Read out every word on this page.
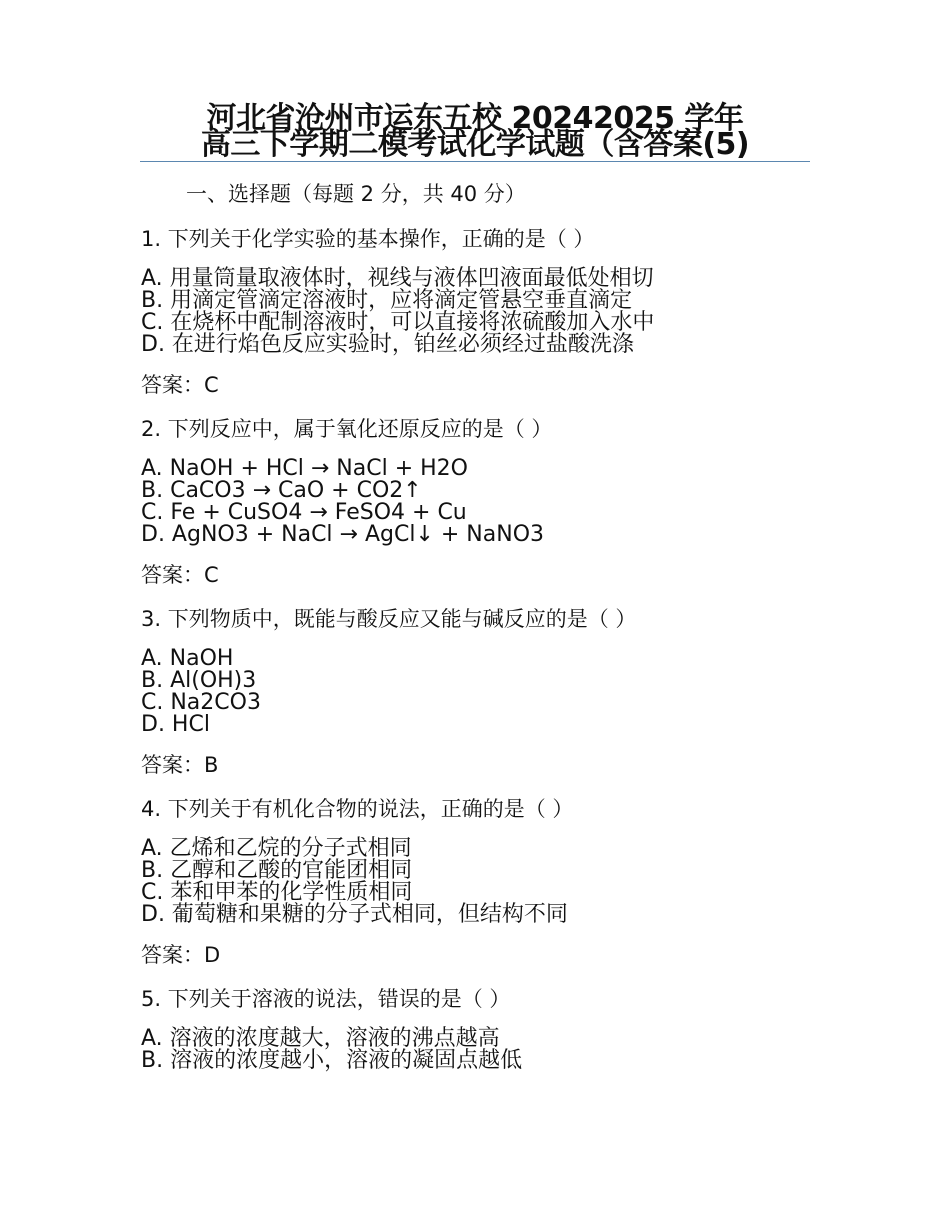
河北省沧州市运东五校 20242025 学年
高三下学期二模考试化学试题（含答案(5)
一、选择题（每题 2 分，共 40 分）
1. 下列关于化学实验的基本操作，正确的是（ ）
A. 用量筒量取液体时，视线与液体凹液面最低处相切
B. 用滴定管滴定溶液时，应将滴定管悬空垂直滴定
C. 在烧杯中配制溶液时，可以直接将浓硫酸加入水中
D. 在进行焰色反应实验时，铂丝必须经过盐酸洗涤
答案：C
2. 下列反应中，属于氧化还原反应的是（ ）
A. NaOH + HCl → NaCl + H2O
B. CaCO3 → CaO + CO2↑
C. Fe + CuSO4 → FeSO4 + Cu
D. AgNO3 + NaCl → AgCl↓ + NaNO3
答案：C
3. 下列物质中，既能与酸反应又能与碱反应的是（ ）
A. NaOH
B. Al(OH)3
C. Na2CO3
D. HCl
答案：B
4. 下列关于有机化合物的说法，正确的是（ ）
A. 乙烯和乙烷的分子式相同
B. 乙醇和乙酸的官能团相同
C. 苯和甲苯的化学性质相同
D. 葡萄糖和果糖的分子式相同，但结构不同
答案：D
5. 下列关于溶液的说法，错误的是（ ）
A. 溶液的浓度越大，溶液的沸点越高
B. 溶液的浓度越小，溶液的凝固点越低
